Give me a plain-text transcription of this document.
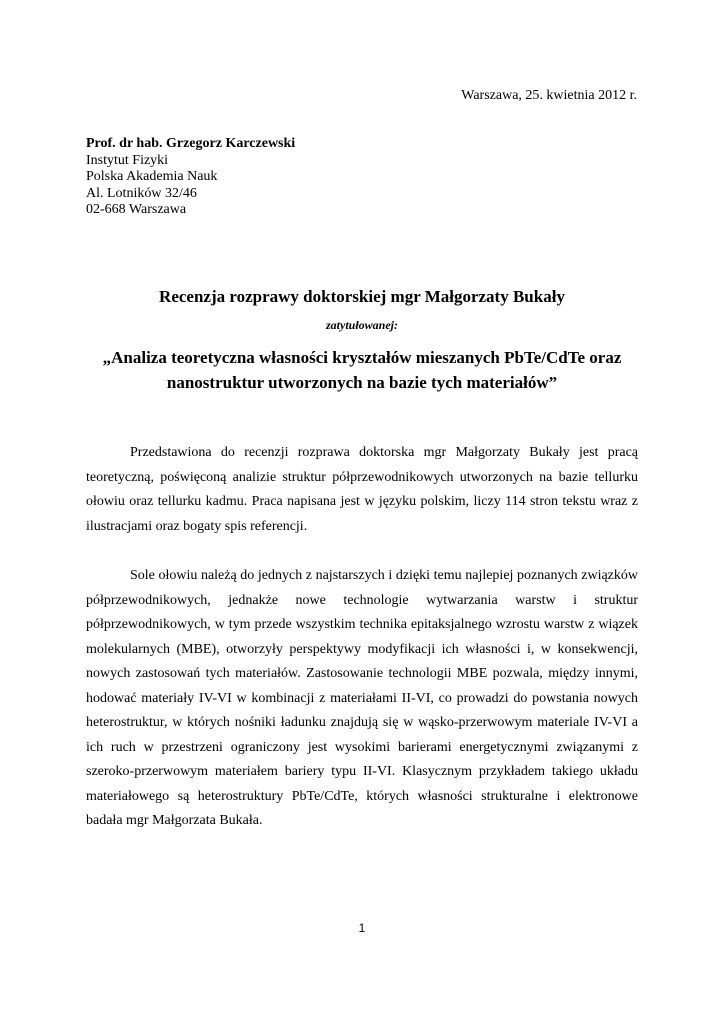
Warszawa, 25. kwietnia 2012 r.
Prof. dr hab. Grzegorz Karczewski
Instytut Fizyki
Polska Akademia Nauk
Al. Lotników 32/46
02-668 Warszawa
Recenzja rozprawy doktorskiej mgr Małgorzaty Bukały
zatytułowanej:
„Analiza teoretyczna własności kryształów mieszanych PbTe/CdTe oraz
nanostruktur utworzonych na bazie tych materiałów”

Przedstawiona do recenzji rozprawa doktorska mgr Małgorzaty Bukały jest pracą teoretyczną, poświęconą analizie struktur półprzewodnikowych utworzonych na bazie tellurku ołowiu oraz tellurku kadmu. Praca napisana jest w języku polskim, liczy 114 stron tekstu wraz z ilustracjami oraz bogaty spis referencji.

Sole ołowiu należą do jednych z najstarszych i dzięki temu najlepiej poznanych związków półprzewodnikowych, jednakże nowe technologie wytwarzania warstw i struktur półprzewodnikowych, w tym przede wszystkim technika epitaksjalnego wzrostu warstw z wiązek molekularnych (MBE), otworzyły perspektywy modyfikacji ich własności i, w konsekwencji, nowych zastosowań tych materiałów. Zastosowanie technologii MBE pozwala, między innymi, hodować materiały IV-VI w kombinacji z materiałami II-VI, co prowadzi do powstania nowych heterostruktur, w których nośniki ładunku znajdują się w wąsko-przerwowym materiale IV-VI a ich ruch w przestrzeni ograniczony jest wysokimi barierami energetycznymi związanymi z szeroko-przerwowym materiałem bariery typu II-VI. Klasycznym przykładem takiego układu materiałowego są heterostruktury PbTe/CdTe, których własności strukturalne i elektronowe badała mgr Małgorzata Bukała.

1
